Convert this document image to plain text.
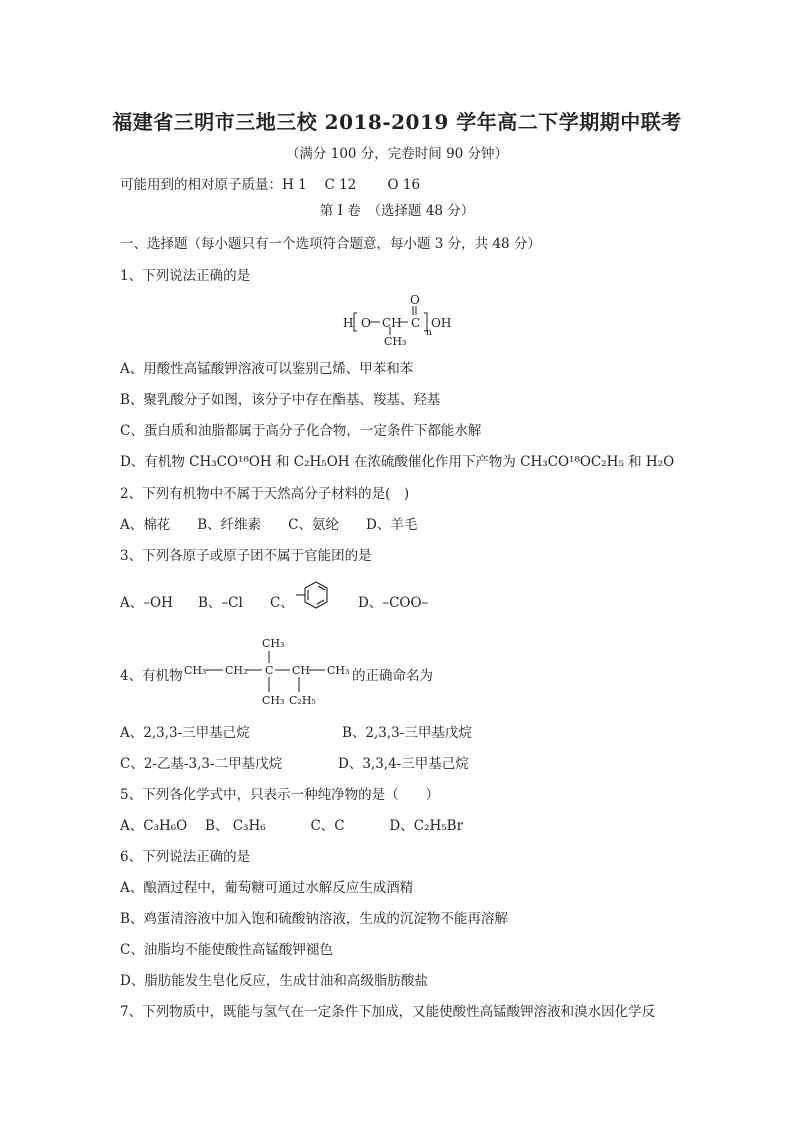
福建省三明市三地三校 2018-2019 学年高二下学期期中联考
（满分 100 分，完卷时间 90 分钟）
可能用到的相对原子质量：H 1　 C 12　　 O 16
第 I 卷　（选择题 48 分）
一、选择题（每小题只有一个选项符合题意，每小题 3 分，共 48 分）
1、下列说法正确的是
H O CH C
O
OH
n
CH₃
A、用酸性高锰酸钾溶液可以鉴别己烯、甲苯和苯
B、聚乳酸分子如图，该分子中存在酯基、羧基、羟基
C、蛋白质和油脂都属于高分子化合物，一定条件下都能水解
D、有机物 CH₃CO¹⁸OH 和 C₂H₅OH 在浓硫酸催化作用下产物为 CH₃CO¹⁸OC₂H₅ 和 H₂O
2、下列有机物中不属于天然高分子材料的是(　)
A、棉花　　B、纤维素　　C、氨纶　　D、羊毛
3、下列各原子或原子团不属于官能团的是
A、–OH B、–Cl C、	D、–COO–
4、有机物
CH₃
CH₃ CH₂ C CH CH₃
CH₃ C₂H₅
的正确命名为
A、2,3,3-三甲基己烷	B、2,3,3-三甲基戊烷
C、2-乙基-3,3-二甲基戊烷	D、3,3,4-三甲基己烷
5、下列各化学式中，只表示一种纯净物的是（　　）
A、C₃H₆O　 B、 C₃H₆　　　 C、C　　　 D、C₂H₅Br
6、下列说法正确的是
A、酿酒过程中，葡萄糖可通过水解反应生成酒精
B、鸡蛋清溶液中加入饱和硫酸钠溶液，生成的沉淀物不能再溶解
C、油脂均不能使酸性高锰酸钾褪色
D、脂肪能发生皂化反应，生成甘油和高级脂肪酸盐
7、下列物质中，既能与氢气在一定条件下加成，又能使酸性高锰酸钾溶液和溴水因化学反
